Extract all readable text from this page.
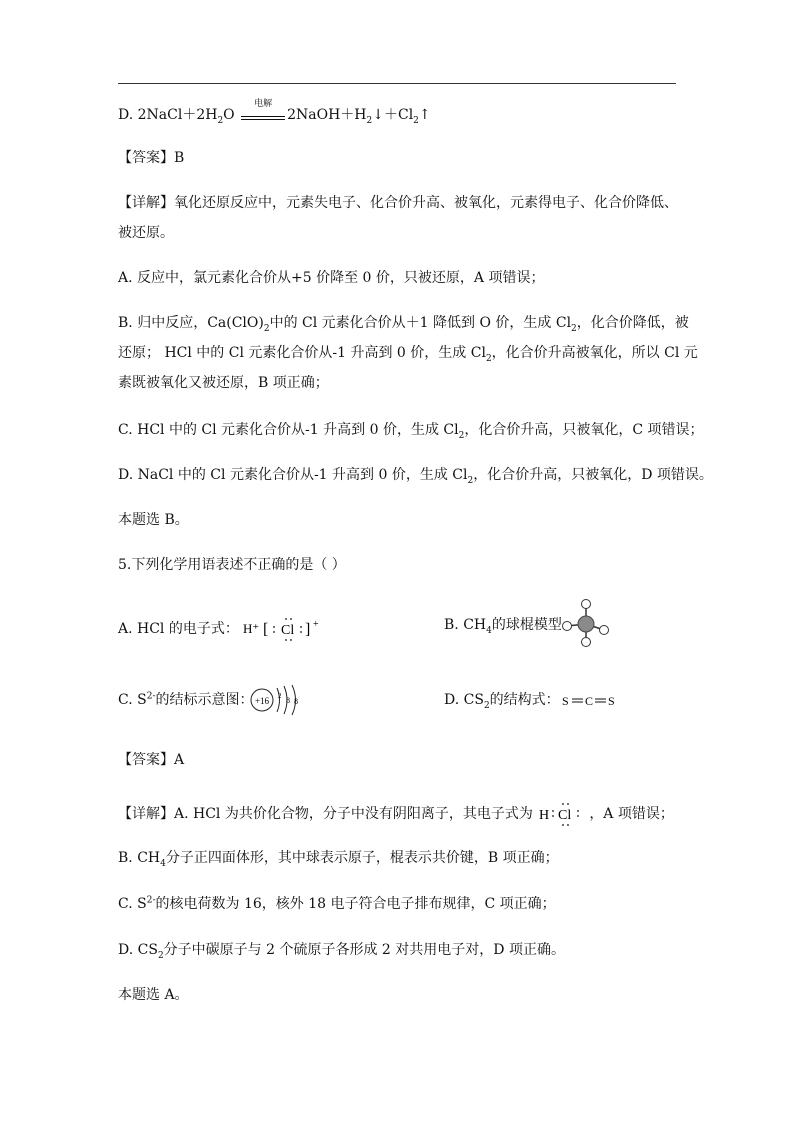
D. $2NaCl+2H_2O$
电解
$2NaOH+H_2↓+Cl_2↑$
【答案】B
【详解】氧化还原反应中，元素失电子、化合价升高、被氧化，元素得电子、化合价降低、
被还原。
A. 反应中，氯元素化合价从+5 价降至 0 价，只被还原，A 项错误；
B. 归中反应，$Ca(ClO)_2$中的 Cl 元素化合价从＋1 降低到 O 价，生成 $Cl_2$，化合价降低，被
还原； HCl 中的 Cl 元素化合价从-1 升高到 0 价，生成 $Cl_2$，化合价升高被氧化，所以 Cl 元
素既被氧化又被还原，B 项正确；
C. HCl 中的 Cl 元素化合价从-1 升高到 0 价，生成 $Cl_2$，化合价升高，只被氧化，C 项错误；
D. NaCl 中的 Cl 元素化合价从-1 升高到 0 价，生成 $Cl_2$，化合价升高，只被氧化，D 项错误。
本题选 B。
5.下列化学用语表述不正确的是（ ）
A. HCl 的电子式： H⁺ [ Cl ] +	B. $CH_4$的球棍模型
C. $S^{2-}$的结标示意图： +16 2 8 8	D. $CS_2$的结构式： S C S
【答案】A
【详解】A. HCl 为共价化合物，分子中没有阴阳离子，其电子式为 H Cl ，A 项错误；
B. $CH_4$分子正四面体形，其中球表示原子，棍表示共价键，B 项正确；
C. $S^{2-}$的核电荷数为 16，核外 18 电子符合电子排布规律，C 项正确；
D. $CS_2$分子中碳原子与 2 个硫原子各形成 2 对共用电子对，D 项正确。
本题选 A。
